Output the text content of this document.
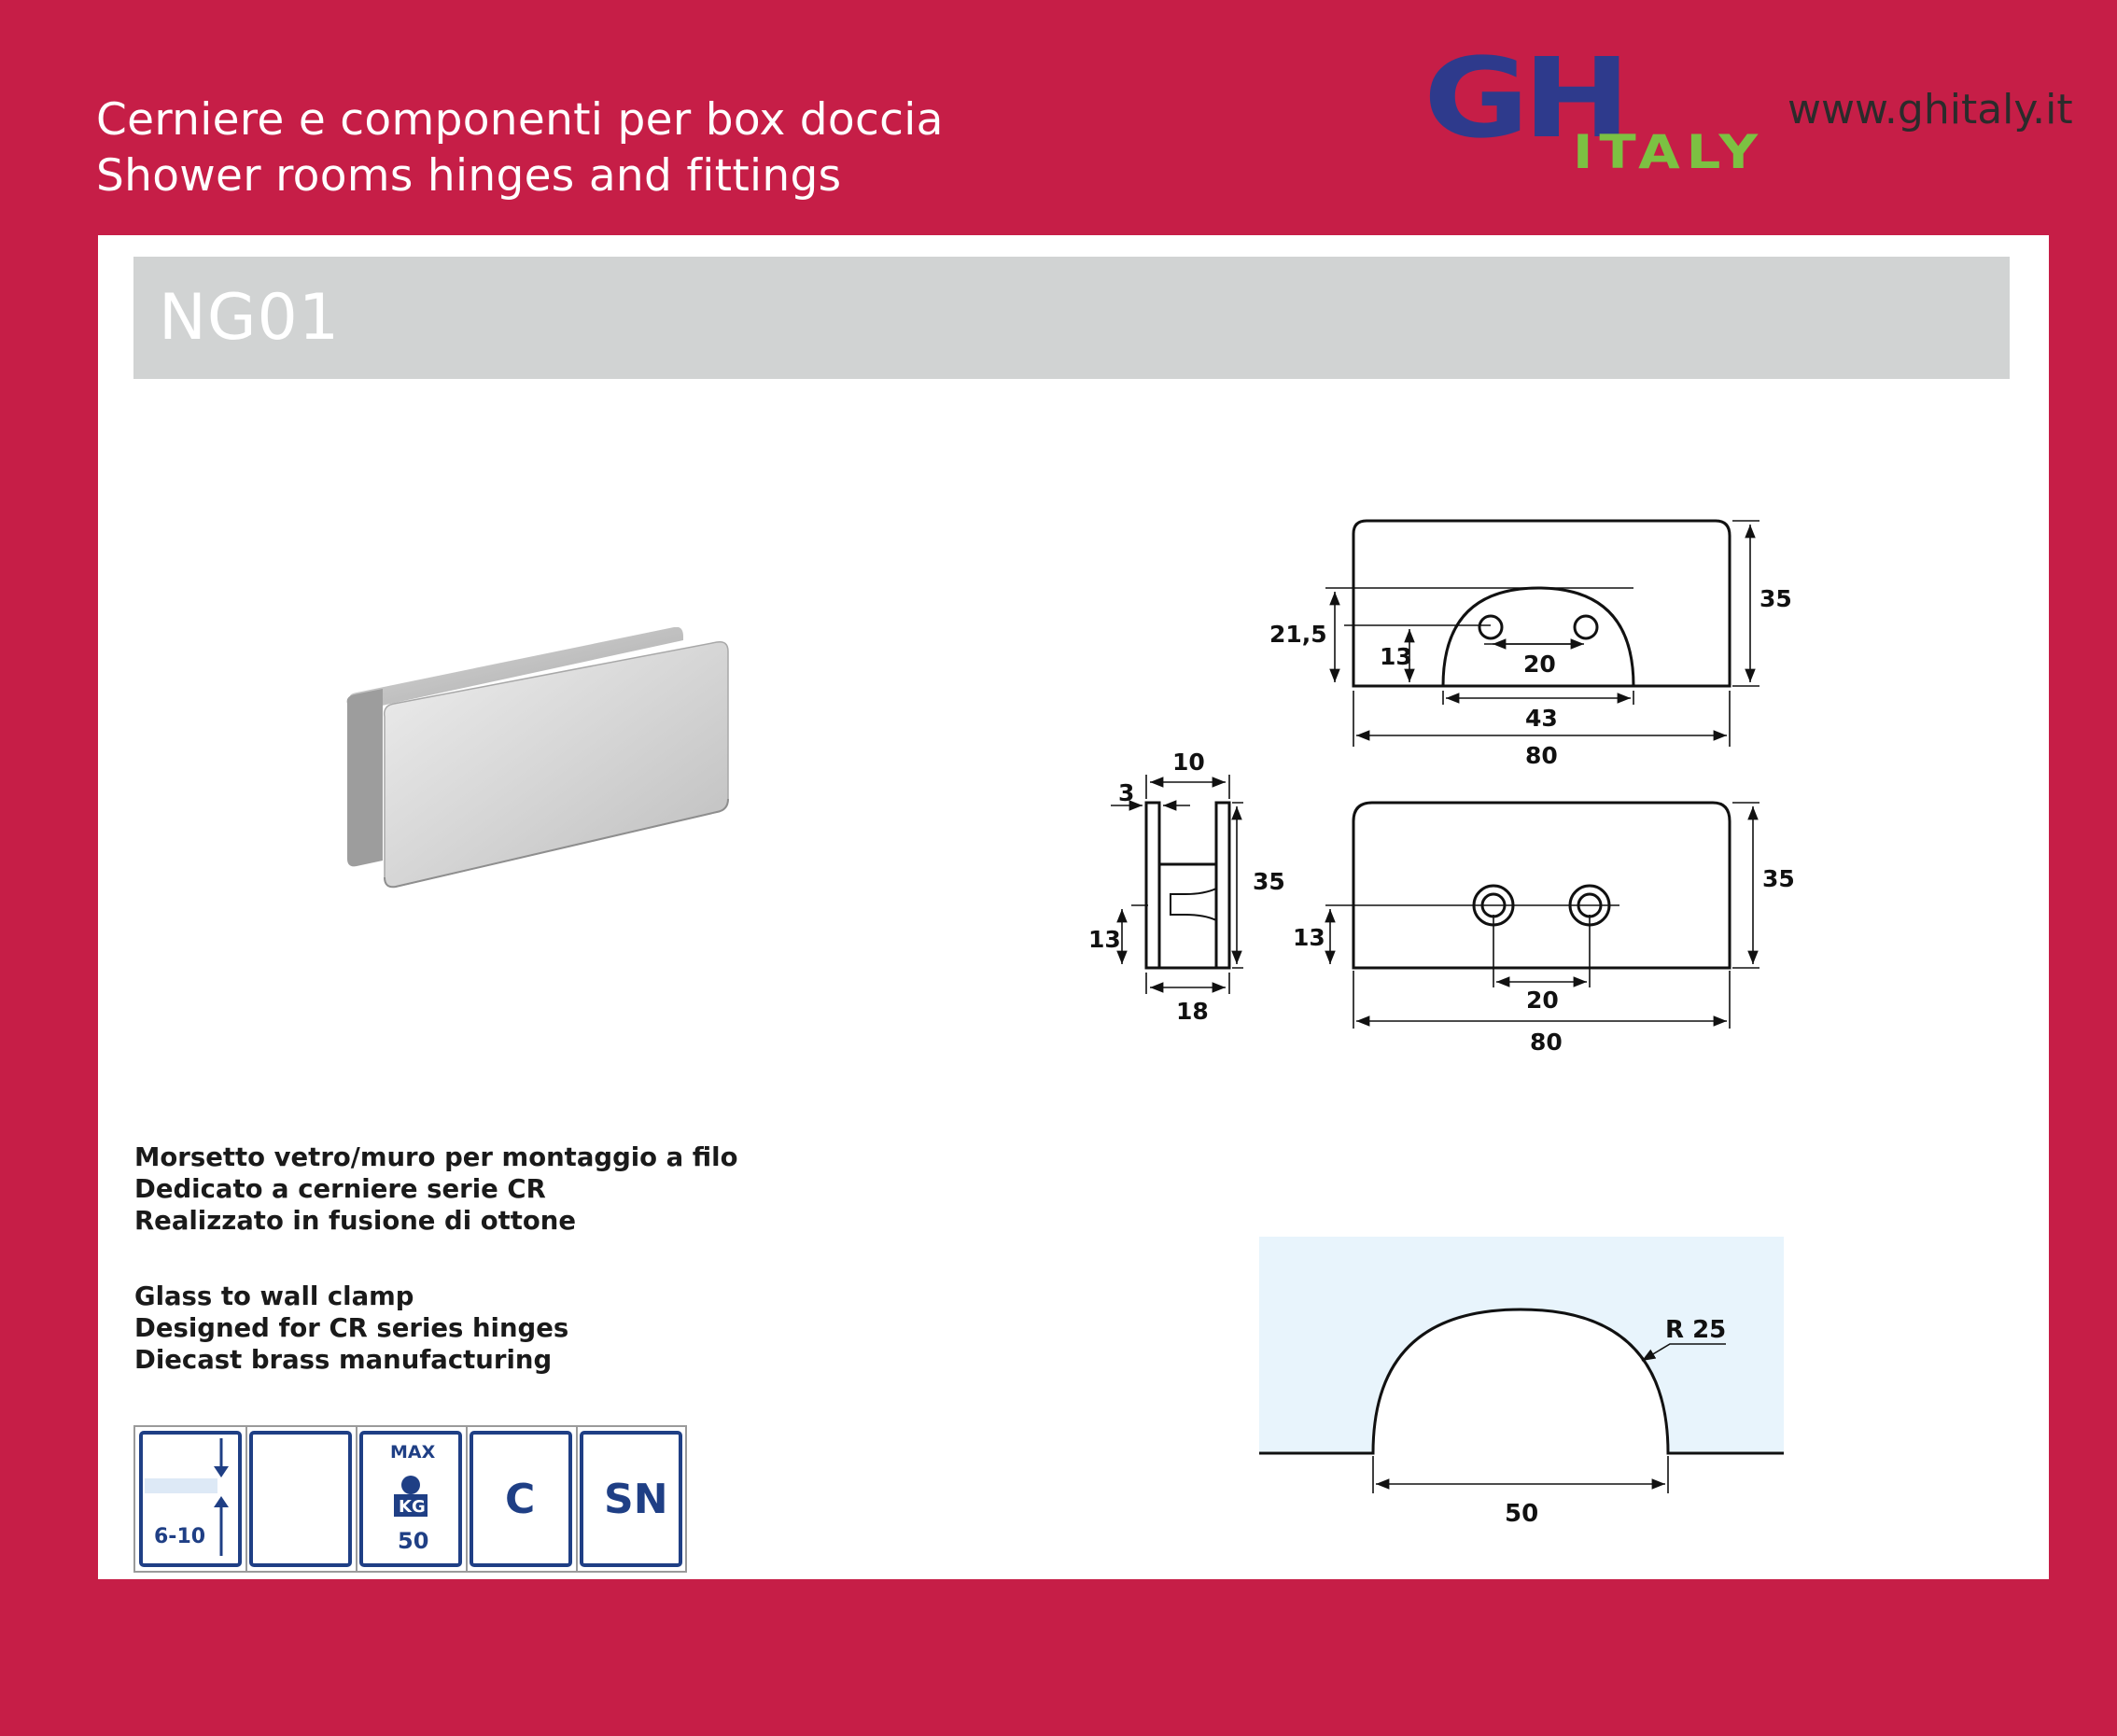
Cerniere e componenti per box doccia
Shower rooms hinges and fittings
GH
ITALY
www.ghitaly.it
NG01
35
21,5
13	20
43
80
10
3
35
13
18
35
13
20
80
R 25
50
Morsetto vetro/muro per montaggio a filo
Dedicato a cerniere serie CR
Realizzato in fusione di ottone
Glass to wall clamp
Designed for CR series hinges
Diecast brass manufacturing
6-10
MAX
KG
50
C SN
